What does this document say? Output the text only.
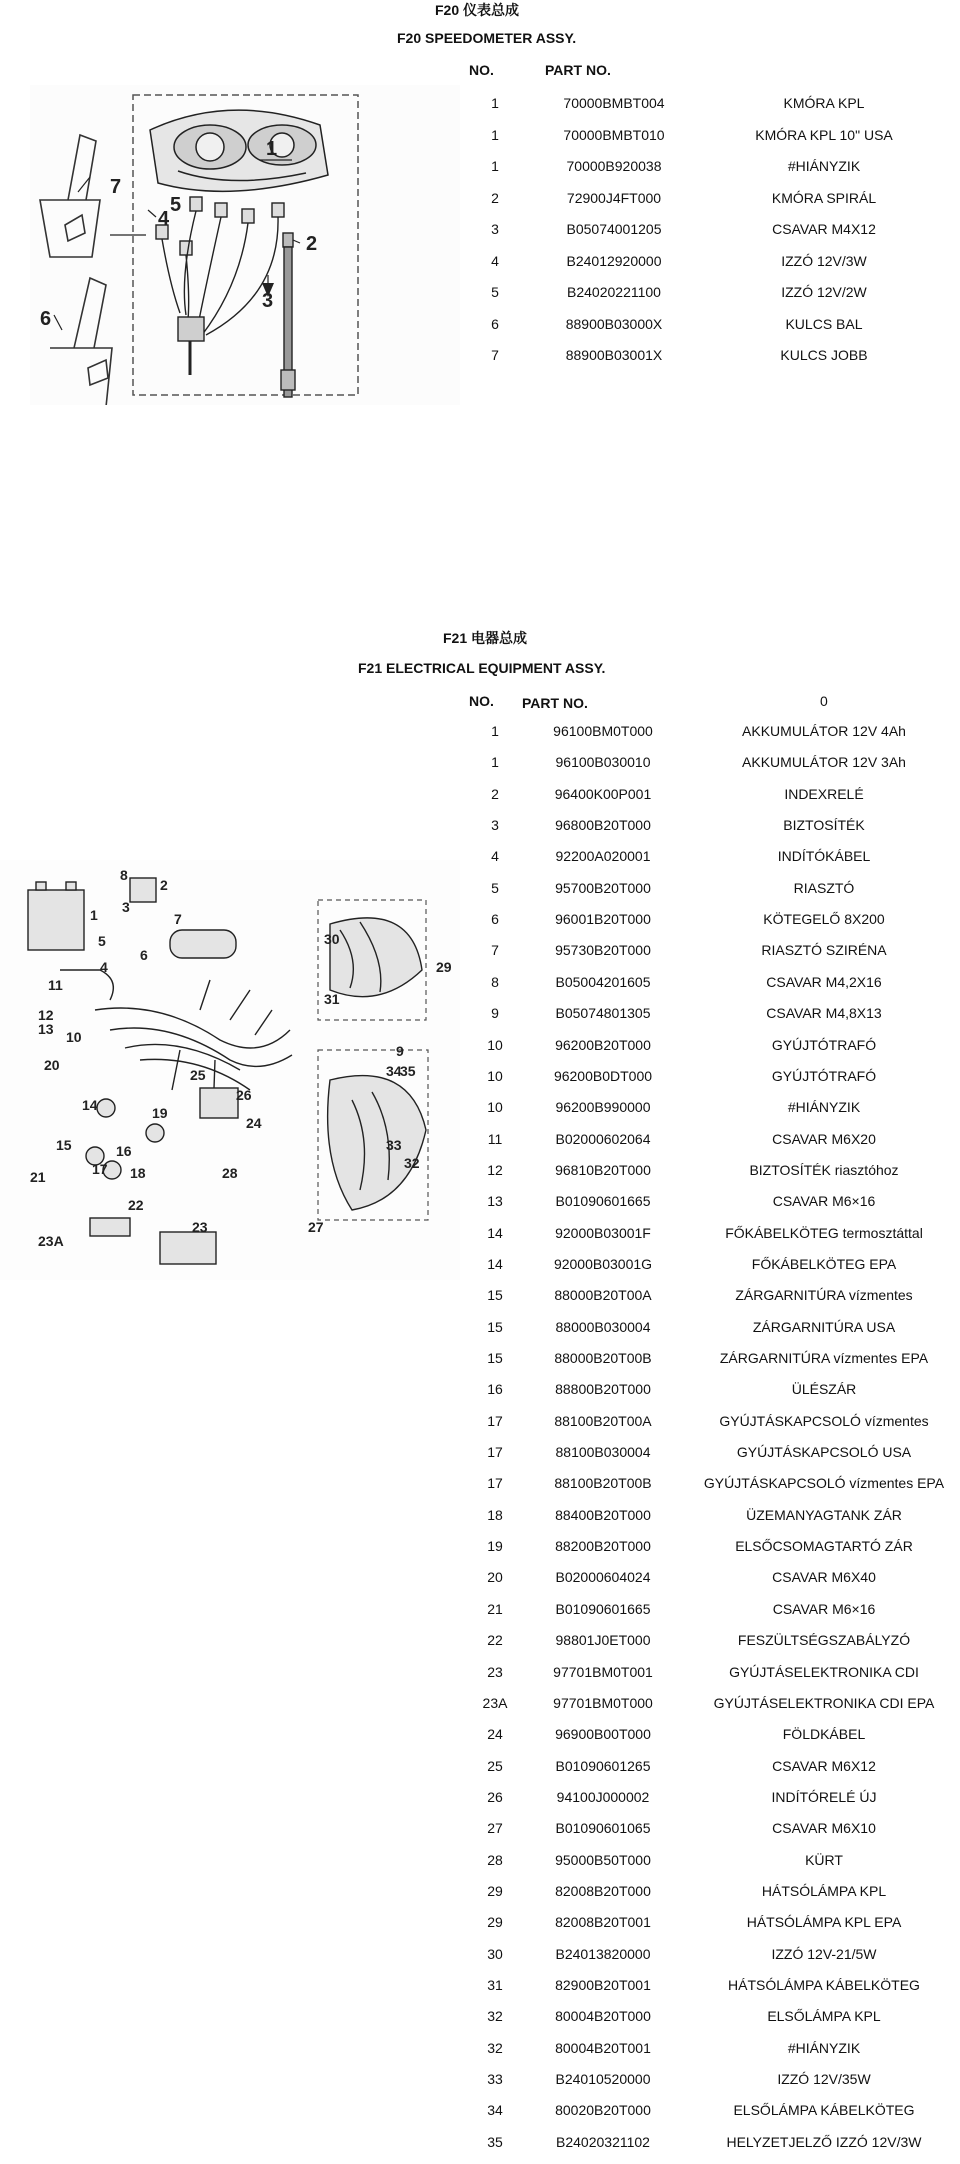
F20 仪表总成
F20 SPEEDOMETER ASSY.
NO.	PART NO.
1	70000BMBT004	KMÓRA KPL
1	70000BMBT010	KMÓRA KPL 10" USA
1	70000B920038	#HIÁNYZIK
2	72900J4FT000	KMÓRA SPIRÁL
3	B05074001205	CSAVAR M4X12
4	B24012920000	IZZÓ 12V/3W
5	B24020221100	IZZÓ 12V/2W
6	88900B03000X	KULCS BAL
7	88900B03001X	KULCS JOBB
1
2
3
4
5
6
7
F21 电器总成
F21 ELECTRICAL EQUIPMENT ASSY.
NO. PART NO.	0
1	96100BM0T000	AKKUMULÁTOR 12V 4Ah
1	96100B030010	AKKUMULÁTOR 12V 3Ah
2	96400K00P001	INDEXRELÉ
3	96800B20T000	BIZTOSÍTÉK
4	92200A020001	INDÍTÓKÁBEL
5	95700B20T000	RIASZTÓ
6	96001B20T000	KÖTEGELŐ 8X200
7	95730B20T000	RIASZTÓ SZIRÉNA
8	B05004201605	CSAVAR M4,2X16
9	B05074801305	CSAVAR M4,8X13
10	96200B20T000	GYÚJTÓTRAFÓ
10	96200B0DT000	GYÚJTÓTRAFÓ
10	96200B990000	#HIÁNYZIK
11	B02000602064	CSAVAR M6X20
12	96810B20T000	BIZTOSÍTÉK riasztóhoz
13	B01090601665	CSAVAR M6×16
14	92000B03001F	FŐKÁBELKÖTEG termosztáttal
14	92000B03001G	FŐKÁBELKÖTEG EPA
15	88000B20T00A	ZÁRGARNITÚRA vízmentes
15	88000B030004	ZÁRGARNITÚRA USA
15	88000B20T00B	ZÁRGARNITÚRA vízmentes EPA
16	88800B20T000	ÜLÉSZÁR
17	88100B20T00A	GYÚJTÁSKAPCSOLÓ vízmentes
17	88100B030004	GYÚJTÁSKAPCSOLÓ USA
17	88100B20T00B	GYÚJTÁSKAPCSOLÓ vízmentes EPA
18	88400B20T000	ÜZEMANYAGTANK ZÁR
19	88200B20T000	ELSŐCSOMAGTARTÓ ZÁR
20	B02000604024	CSAVAR M6X40
21	B01090601665	CSAVAR M6×16
22	98801J0ET000	FESZÜLTSÉGSZABÁLYZÓ
23	97701BM0T001	GYÚJTÁSELEKTRONIKA CDI
23A	97701BM0T000	GYÚJTÁSELEKTRONIKA CDI EPA
24	96900B00T000	FÖLDKÁBEL
25	B01090601265	CSAVAR M6X12
26	94100J000002	INDÍTÓRELÉ ÚJ
27	B01090601065	CSAVAR M6X10
28	95000B50T000	KÜRT
29	82008B20T000	HÁTSÓLÁMPA KPL
29	82008B20T001	HÁTSÓLÁMPA KPL EPA
30	B24013820000	IZZÓ 12V-21/5W
31	82900B20T001	HÁTSÓLÁMPA KÁBELKÖTEG
32	80004B20T000	ELSŐLÁMPA KPL
32	80004B20T001	#HIÁNYZIK
33	B24010520000	IZZÓ 12V/35W
34	80020B20T000	ELSŐLÁMPA KÁBELKÖTEG
35	B24020321102	HELYZETJELZŐ IZZÓ 12V/3W
1
2
3
4
5
6
7
8
9
10
11
12
13
14
15	16
17 18
19
20
21
22
23
23A
24
25
26
27
28
29
30
31
32
33
34
35
